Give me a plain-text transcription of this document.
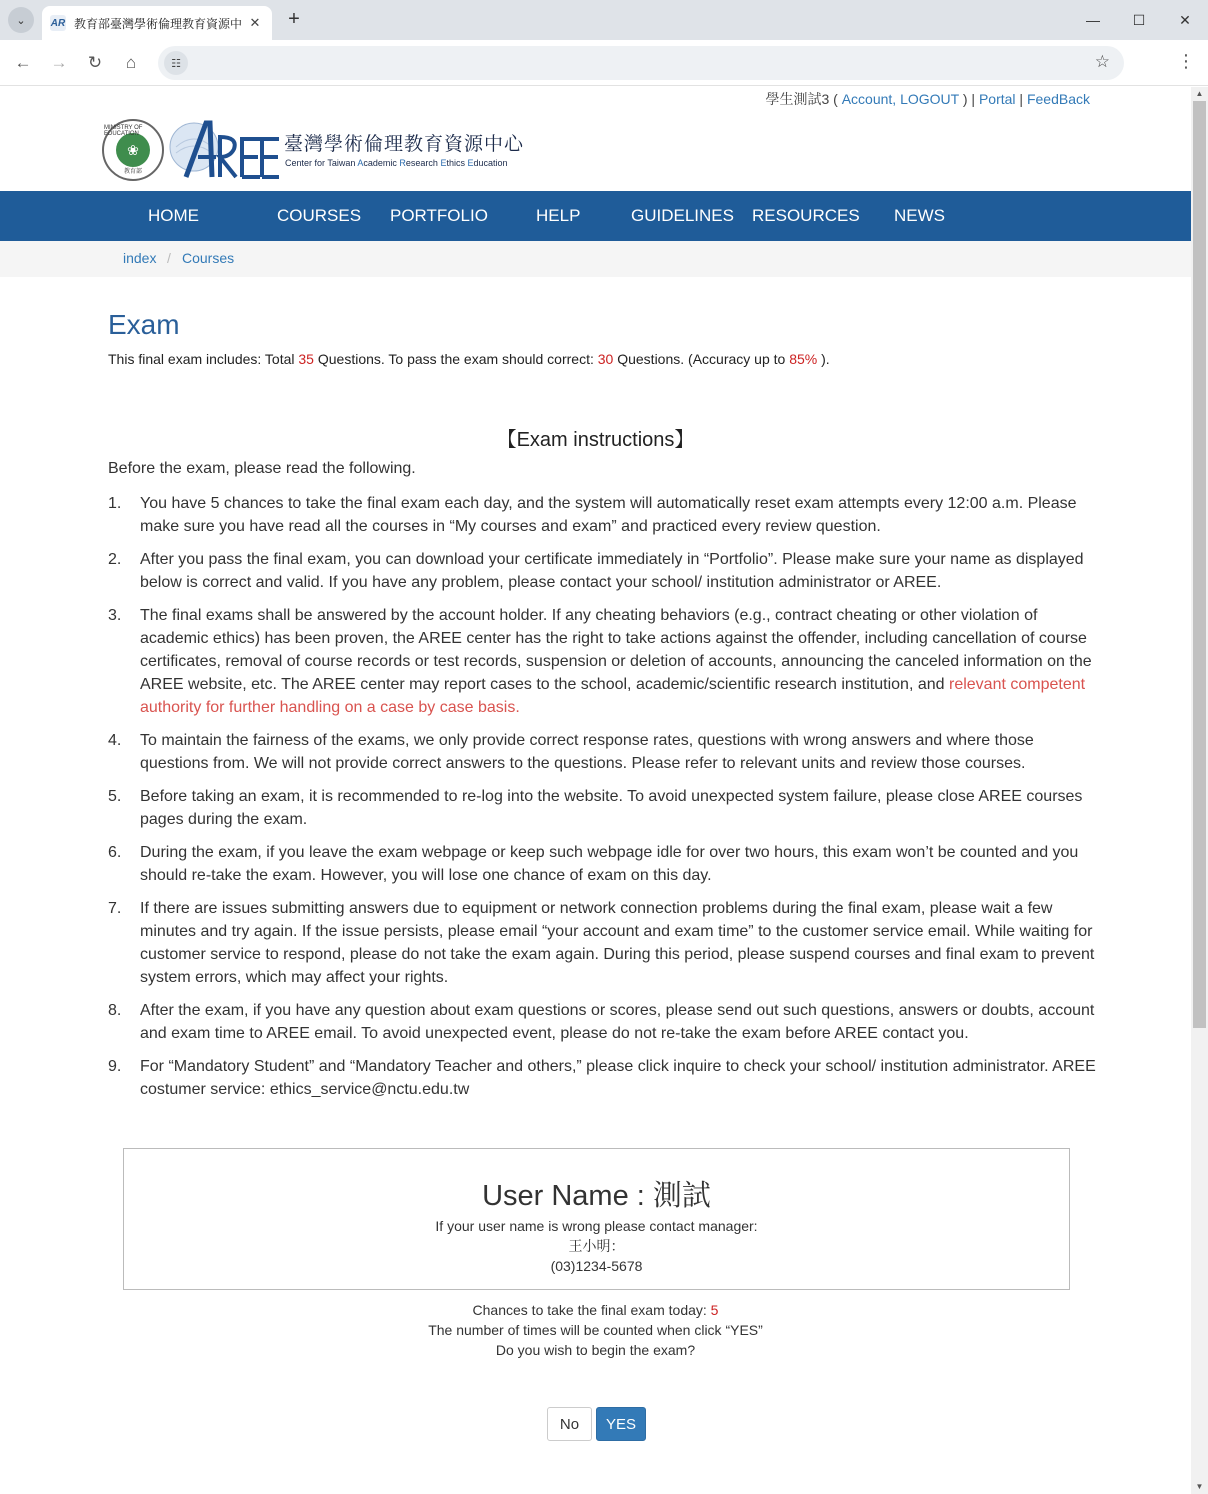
⌄	AR 教育部臺灣學術倫理教育資源中 ✕	+	—	☐	✕
← → ↻	⌂	☷	☆	⋮
學生測試3 ( Account, LOGOUT ) | Portal | FeedBack
❀
MINISTRY OF EDUCATION
教育部
臺灣學術倫理教育資源中心
Center for Taiwan Academic Research Ethics Education
HOME	COURSES PORTFOLIO	HELP	GUIDELINES RESOURCES NEWS
index / Courses
Exam
This final exam includes: Total 35 Questions. To pass the exam should correct: 30 Questions. (Accuracy up to 85% ).
【Exam instructions】
Before the exam, please read the following.
1. You have 5 chances to take the final exam each day, and the system will automatically reset exam attempts every 12:00 a.m. Please make sure you have read all the courses in “My courses and exam” and practiced every review question.
2. After you pass the final exam, you can download your certificate immediately in “Portfolio”. Please make sure your name as displayed below is correct and valid. If you have any problem, please contact your school/ institution administrator or AREE.
3. The final exams shall be answered by the account holder. If any cheating behaviors (e.g., contract cheating or other violation of academic ethics) has been proven, the AREE center has the right to take actions against the offender, including cancellation of course certificates, removal of course records or test records, suspension or deletion of accounts, announcing the canceled information on the AREE website, etc. The AREE center may report cases to the school, academic/scientific research institution, and relevant competent authority for further handling on a case by case basis.
4. To maintain the fairness of the exams, we only provide correct response rates, questions with wrong answers and where those questions from. We will not provide correct answers to the questions. Please refer to relevant units and review those courses.
5. Before taking an exam, it is recommended to re-log into the website. To avoid unexpected system failure, please close AREE courses pages during the exam.
6. During the exam, if you leave the exam webpage or keep such webpage idle for over two hours, this exam won’t be counted and you should re-take the exam. However, you will lose one chance of exam on this day.
7. If there are issues submitting answers due to equipment or network connection problems during the final exam, please wait a few minutes and try again. If the issue persists, please email “your account and exam time” to the customer service email. While waiting for customer service to respond, please do not take the exam again. During this period, please suspend courses and final exam to prevent system errors, which may affect your rights.
8. After the exam, if you have any question about exam questions or scores, please send out such questions, answers or doubts, account and exam time to AREE email. To avoid unexpected event, please do not re-take the exam before AREE contact you.
9. For “Mandatory Student” and “Mandatory Teacher and others,” please click inquire to check your school/ institution administrator. AREE costumer service: ethics_service@nctu.edu.tw
User Name : 測試
If your user name is wrong please contact manager:
王小明：
(03)1234-5678
Chances to take the final exam today: 5
The number of times will be counted when click “YES”
Do you wish to begin the exam?
No	YES
▲
▼
